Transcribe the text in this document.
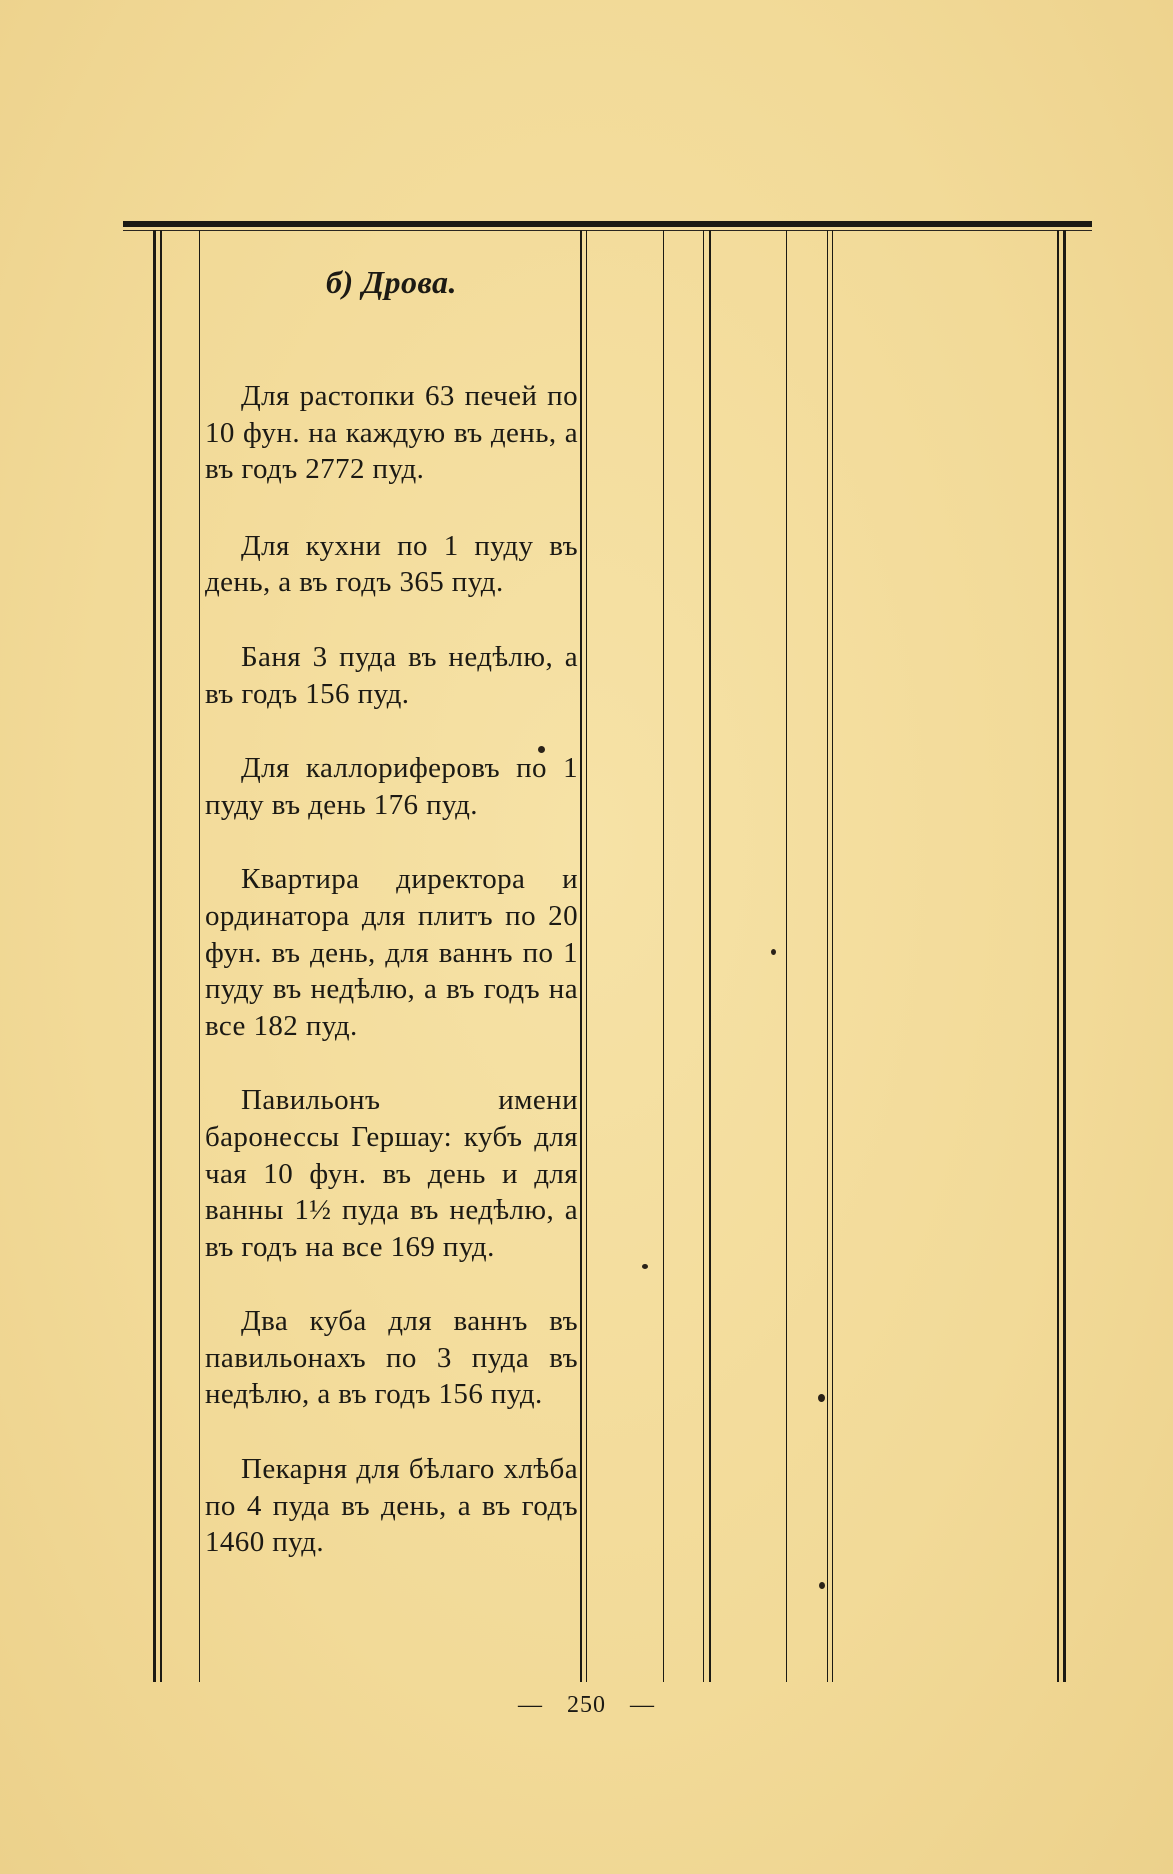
б) Дрова.

Для растопки 63 печей по 10 фун. на каждую въ день, а въ годъ 2772 пуд.

Для кухни по 1 пуду въ день, а въ годъ 365 пуд.

Баня 3 пуда въ недѣлю, а въ годъ 156 пуд.

Для каллориферовъ по 1 пуду въ день 176 пуд.

Квартира директора и ординатора для плитъ по 20 фун. въ день, для ваннъ по 1 пуду въ недѣлю, а въ годъ на все 182 пуд.

Павильонъ имени баронессы Гершау: кубъ для чая 10 фун. въ день и для ванны 1½ пуда въ недѣлю, а въ годъ на все 169 пуд.

Два куба для ваннъ въ павильонахъ по 3 пуда въ недѣлю, а въ годъ 156 пуд.

Пекарня для бѣлаго хлѣба по 4 пуда въ день, а въ годъ 1460 пуд.

— 250 —
